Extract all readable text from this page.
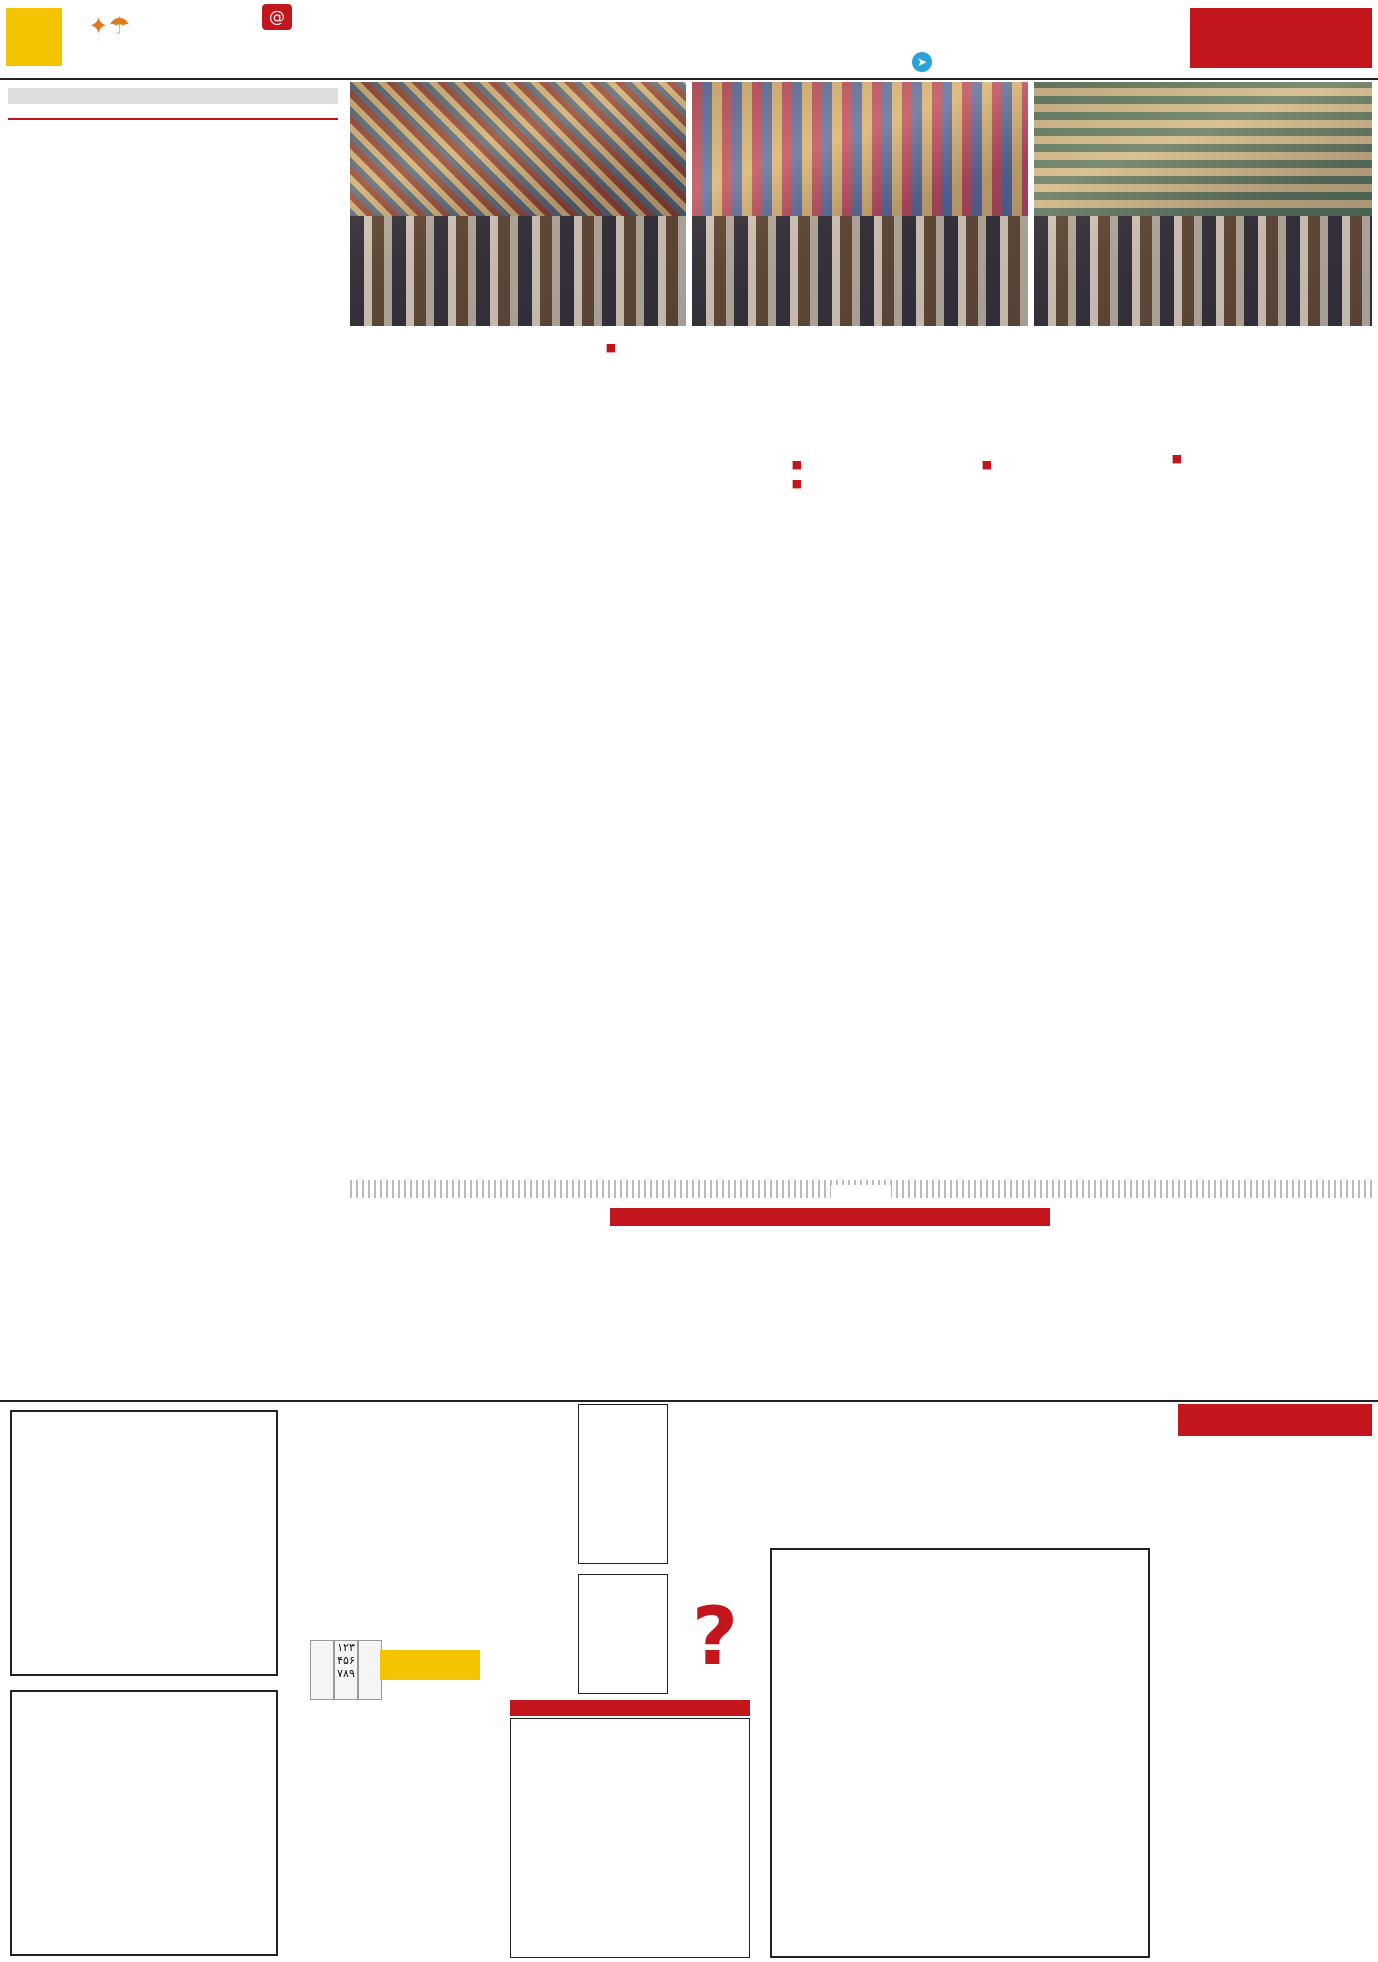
☂✦	@
➤
■
■
■
■
■
?
۱۲۳
۴۵۶
۷۸۹
